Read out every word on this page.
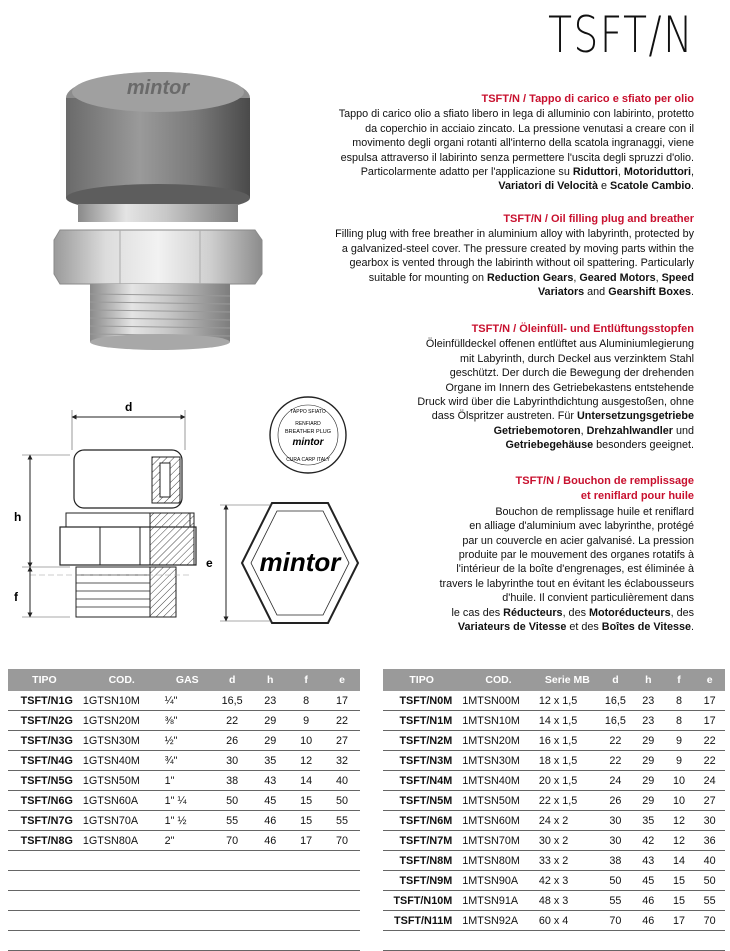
TSFT/N
mintor	TSFT/N / Tappo di carico e sfiato per olio

Tappo di carico olio a sfiato libero in lega di alluminio con labirinto, protetto

da coperchio in acciaio zincato. La pressione venutasi a creare con il

movimento degli organi rotanti all'interno della scatola ingranaggi, viene

espulsa attraverso il labirinto senza permettere l'uscita degli spruzzi d'olio.

Particolarmente adatto per l'applicazione su Riduttori, Motoriduttori,

Variatori di Velocità e Scatole Cambio.

TSFT/N / Oil filling plug and breather

Filling plug with free breather in aluminium alloy with labyrinth, protected by

a galvanized-steel cover. The pressure created by moving parts within the

gearbox is vented through the labirinth without oil spattering. Particularly

suitable for mounting on Reduction Gears, Geared Motors, Speed

Variators and Gearshift Boxes.

TSFT/N / Öleinfüll- und Entlüftungsstopfen

Öleinfülldeckel offenen entlüftet aus Aluminiumlegierung

mit Labyrinth, durch Deckel aus verzinktem Stahl

geschützt. Der durch die Bewegung der drehenden

Organe im Innern des Getriebekastens entstehende

Druck wird über die Labyrinthdichtung ausgestoßen, ohne

dass Ölspritzer austreten. Für Untersetzungsgetriebe

Getriebemotoren, Drehzahlwandler und

Getriebegehäuse besonders geeignet.

TSFT/N / Bouchon de remplissage
et reniflard pour huile

Bouchon de remplissage huile et reniflard

en alliage d'aluminium avec labyrinthe, protégé

par un couvercle en acier galvanisé. La pression

produite par le mouvement des organes rotatifs à

l'intérieur de la boîte d'engrenages, est éliminée à

travers le labyrinthe tout en évitant les éclabousseurs

d'huile. Il convient particulièrement dans

le cas des Réducteurs, des Motoréducteurs, des

Variateurs de Vitesse et des Boîtes de Vitesse.

d
h
f
TAPPO SFIATO
RENFIARD
BREATHER PLUG
mintor
CURA CARP ITALY
mintor
e
TIPO	COD.	GAS	d	h	f	e
TSFT/N1G	1GTSN10M	¼"	16,5	23	8	17
TSFT/N2G	1GTSN20M	⅜"	22	29	9	22
TSFT/N3G	1GTSN30M	½"	26	29	10	27
TSFT/N4G	1GTSN40M	¾"	30	35	12	32
TSFT/N5G	1GTSN50M	1"	38	43	14	40
TSFT/N6G	1GTSN60A	1" ¼	50	45	15	50
TSFT/N7G	1GTSN70A	1" ½	55	46	15	55
TSFT/N8G	1GTSN80A	2"	70	46	17	70

TIPO	COD.	Serie MB	d	h	f	e
TSFT/N0M	1MTSN00M	12 x 1,5	16,5	23	8	17
TSFT/N1M	1MTSN10M	14 x 1,5	16,5	23	8	17
TSFT/N2M	1MTSN20M	16 x 1,5	22	29	9	22
TSFT/N3M	1MTSN30M	18 x 1,5	22	29	9	22
TSFT/N4M	1MTSN40M	20 x 1,5	24	29	10	24
TSFT/N5M	1MTSN50M	22 x 1,5	26	29	10	27
TSFT/N6M	1MTSN60M	24 x 2	30	35	12	30
TSFT/N7M	1MTSN70M	30 x 2	30	42	12	36
TSFT/N8M	1MTSN80M	33 x 2	38	43	14	40
TSFT/N9M	1MTSN90A	42 x 3	50	45	15	50
TSFT/N10M	1MTSN91A	48 x 3	55	46	15	55
TSFT/N11M	1MTSN92A	60 x 4	70	46	17	70
